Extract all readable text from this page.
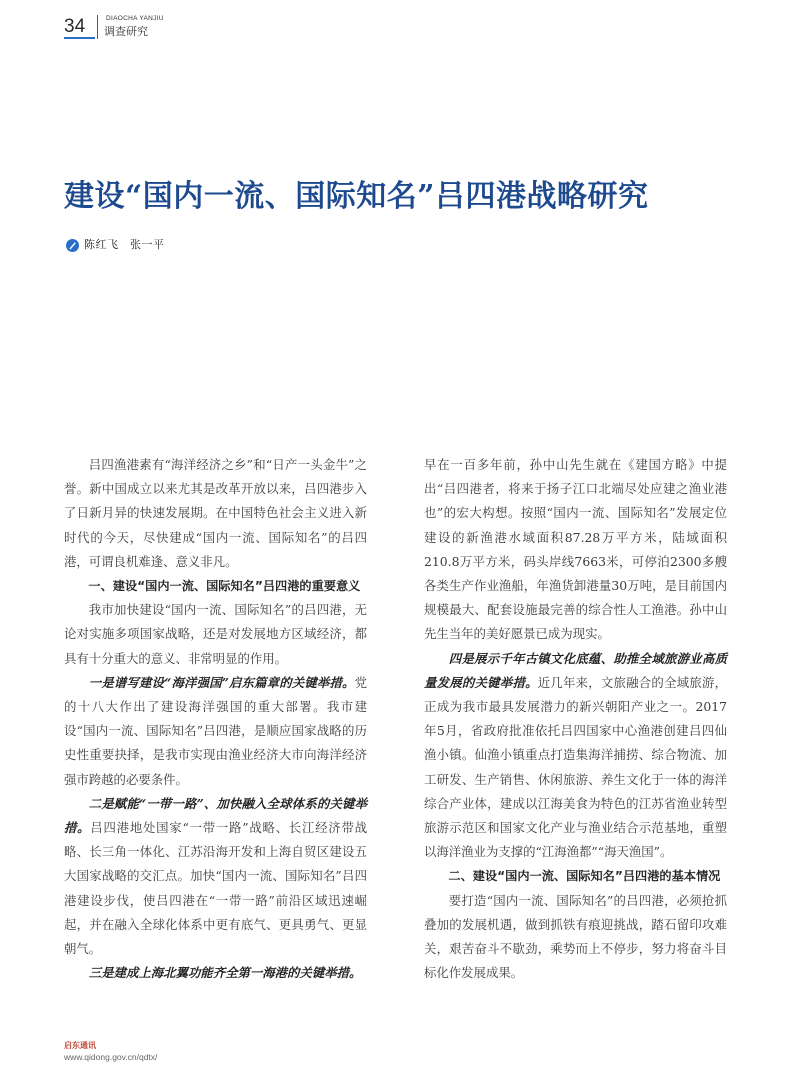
34	DIAOCHA YANJIU
调查研究
建设“国内一流、国际知名”吕四港战略研究
陈红飞　张一平

吕四渔港素有“海洋经济之乡”和“日产一头金牛”之誉。新中国成立以来尤其是改革开放以来，吕四港步入了日新月异的快速发展期。在中国特色社会主义进入新时代的今天，尽快建成“国内一流、国际知名”的吕四港，可谓良机难逢、意义非凡。

一、建设“国内一流、国际知名”吕四港的重要意义

我市加快建设“国内一流、国际知名”的吕四港，无论对实施多项国家战略，还是对发展地方区域经济，都具有十分重大的意义、非常明显的作用。

一是谱写建设“海洋强国”启东篇章的关键举措。党的十八大作出了建设海洋强国的重大部署。我市建设“国内一流、国际知名”吕四港，是顺应国家战略的历史性重要抉择，是我市实现由渔业经济大市向海洋经济强市跨越的必要条件。

二是赋能“一带一路”、加快融入全球体系的关键举措。吕四港地处国家“一带一路”战略、长江经济带战略、长三角一体化、江苏沿海开发和上海自贸区建设五大国家战略的交汇点。加快“国内一流、国际知名”吕四港建设步伐，使吕四港在“一带一路”前沿区域迅速崛起，并在融入全球化体系中更有底气、更具勇气、更显朝气。

三是建成上海北翼功能齐全第一海港的关键举措。

早在一百多年前，孙中山先生就在《建国方略》中提出“吕四港者，将来于扬子江口北端尽处应建之渔业港也”的宏大构想。按照“国内一流、国际知名”发展定位建设的新渔港水域面积87.28万平方米，陆域面积210.8万平方米，码头岸线7663米，可停泊2300多艘各类生产作业渔船，年渔货卸港量30万吨，是目前国内规模最大、配套设施最完善的综合性人工渔港。孙中山先生当年的美好愿景已成为现实。

四是展示千年古镇文化底蕴、助推全域旅游业高质量发展的关键举措。近几年来，文旅融合的全域旅游，正成为我市最具发展潜力的新兴朝阳产业之一。2017年5月，省政府批准依托吕四国家中心渔港创建吕四仙渔小镇。仙渔小镇重点打造集海洋捕捞、综合物流、加工研发、生产销售、休闲旅游、养生文化于一体的海洋综合产业体，建成以江海美食为特色的江苏省渔业转型旅游示范区和国家文化产业与渔业结合示范基地，重塑以海洋渔业为支撑的“江海渔都”“海天渔国”。

二、建设“国内一流、国际知名”吕四港的基本情况

要打造“国内一流、国际知名”的吕四港，必须抢抓叠加的发展机遇，做到抓铁有痕迎挑战，踏石留印攻难关，艰苦奋斗不歇劲，乘势而上不停步，努力将奋斗目标化作发展成果。

启东通讯
www.qidong.gov.cn/qdtx/
